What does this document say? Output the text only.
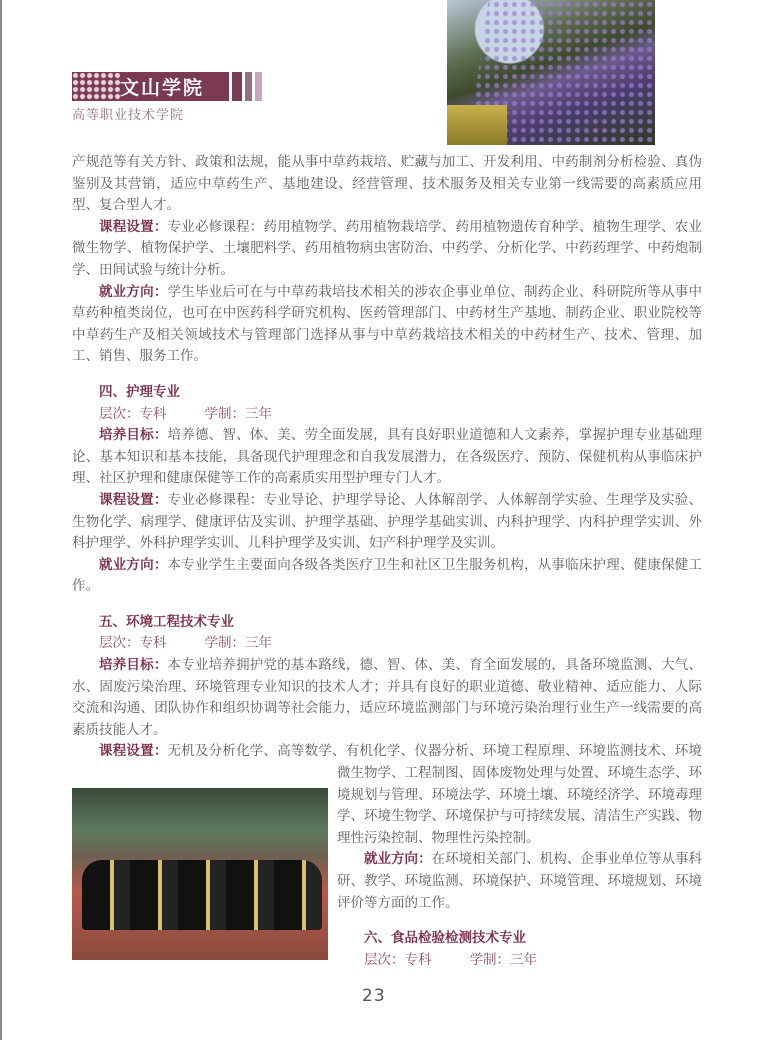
文山学院
高等职业技术学院

产规范等有关方针、政策和法规，能从事中草药栽培、贮藏与加工、开发利用、中药制剂分析检验、真伪鉴别及其营销，适应中草药生产、基地建设、经营管理、技术服务及相关专业第一线需要的高素质应用型、复合型人才。

课程设置：专业必修课程：药用植物学、药用植物栽培学、药用植物遗传育种学、植物生理学、农业微生物学、植物保护学、土壤肥料学、药用植物病虫害防治、中药学、分析化学、中药药理学、中药炮制学、田间试验与统计分析。

就业方向：学生毕业后可在与中草药栽培技术相关的涉农企事业单位、制药企业、科研院所等从事中草药种植类岗位，也可在中医药科学研究机构、医药管理部门、中药材生产基地、制药企业、职业院校等中草药生产及相关领域技术与管理部门选择从事与中草药栽培技术相关的中药材生产、技术、管理、加工、销售、服务工作。

四、护理专业

层次：专科	学制：三年

培养目标：培养德、智、体、美、劳全面发展，具有良好职业道德和人文素养，掌握护理专业基础理论、基本知识和基本技能，具备现代护理理念和自我发展潜力，在各级医疗、预防、保健机构从事临床护理、社区护理和健康保健等工作的高素质实用型护理专门人才。

课程设置：专业必修课程：专业导论、护理学导论、人体解剖学、人体解剖学实验、生理学及实验、生物化学、病理学、健康评估及实训、护理学基础、护理学基础实训、内科护理学、内科护理学实训、外科护理学、外科护理学实训、儿科护理学及实训、妇产科护理学及实训。

就业方向：本专业学生主要面向各级各类医疗卫生和社区卫生服务机构，从事临床护理、健康保健工作。

五、环境工程技术专业

层次：专科	学制：三年

培养目标：本专业培养拥护党的基本路线，德、智、体、美、育全面发展的，具备环境监测、大气、水、固废污染治理、环境管理专业知识的技术人才；并具有良好的职业道德、敬业精神、适应能力、人际交流和沟通、团队协作和组织协调等社会能力，适应环境监测部门与环境污染治理行业生产一线需要的高素质技能人才。

课程设置：无机及分析化学、高等数学、有机化学、仪器分析、环境工程原理、环境监测技术、环境微生物学、工程制图、固体废物处理与处置、环境生态学、环境规划与管理、环境法学、环境土壤、环境经济学、环境毒理学、环境生物学、环境保护与可持续发展、清洁生产实践、物理性污染控制、物理性污染控制。

就业方向：在环境相关部门、机构、企事业单位等从事科研、教学、环境监测、环境保护、环境管理、环境规划、环境评价等方面的工作。

六、食品检验检测技术专业

层次：专科	学制：三年

23
